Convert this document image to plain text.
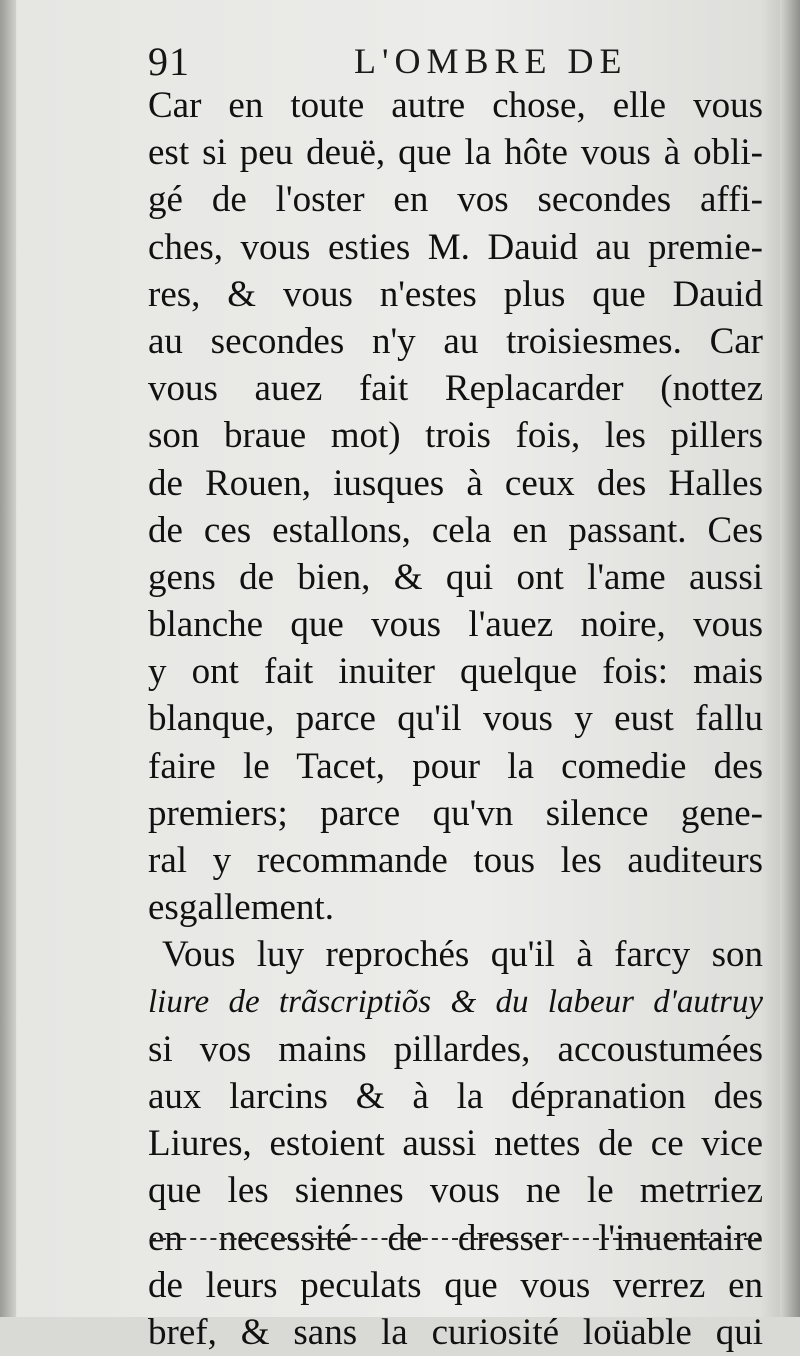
91	L'OMBRE DE
Car en toute autre chose, elle vous
est si peu deuë, que la hôte vous à obli-
gé de l'oster en vos secondes affi-
ches, vous esties M. Dauid au premie-
res, & vous n'estes plus que Dauid
au secondes n'y au troisiesmes. Car
vous auez fait Replacarder (nottez
son braue mot) trois fois, les pillers
de Rouen, iusques à ceux des Halles
de ces estallons, cela en passant. Ces
gens de bien, & qui ont l'ame aussi
blanche que vous l'auez noire, vous
y ont fait inuiter quelque fois: mais
blanque, parce qu'il vous y eust fallu
faire le Tacet, pour la comedie des
premiers; parce qu'vn silence gene-
ral y recommande tous les auditeurs
esgallement.
Vous luy reprochés qu'il à farcy son
liure de trãscriptiõs & du labeur d'autruy
si vos mains pillardes, accoustumées
aux larcins & à la dépranation des
Liures, estoient aussi nettes de ce vice
que les siennes vous ne le metrriez
en necessité de dresser l'inuentaire
de leurs peculats que vous verrez en
bref, & sans la curiosité loüable qui
